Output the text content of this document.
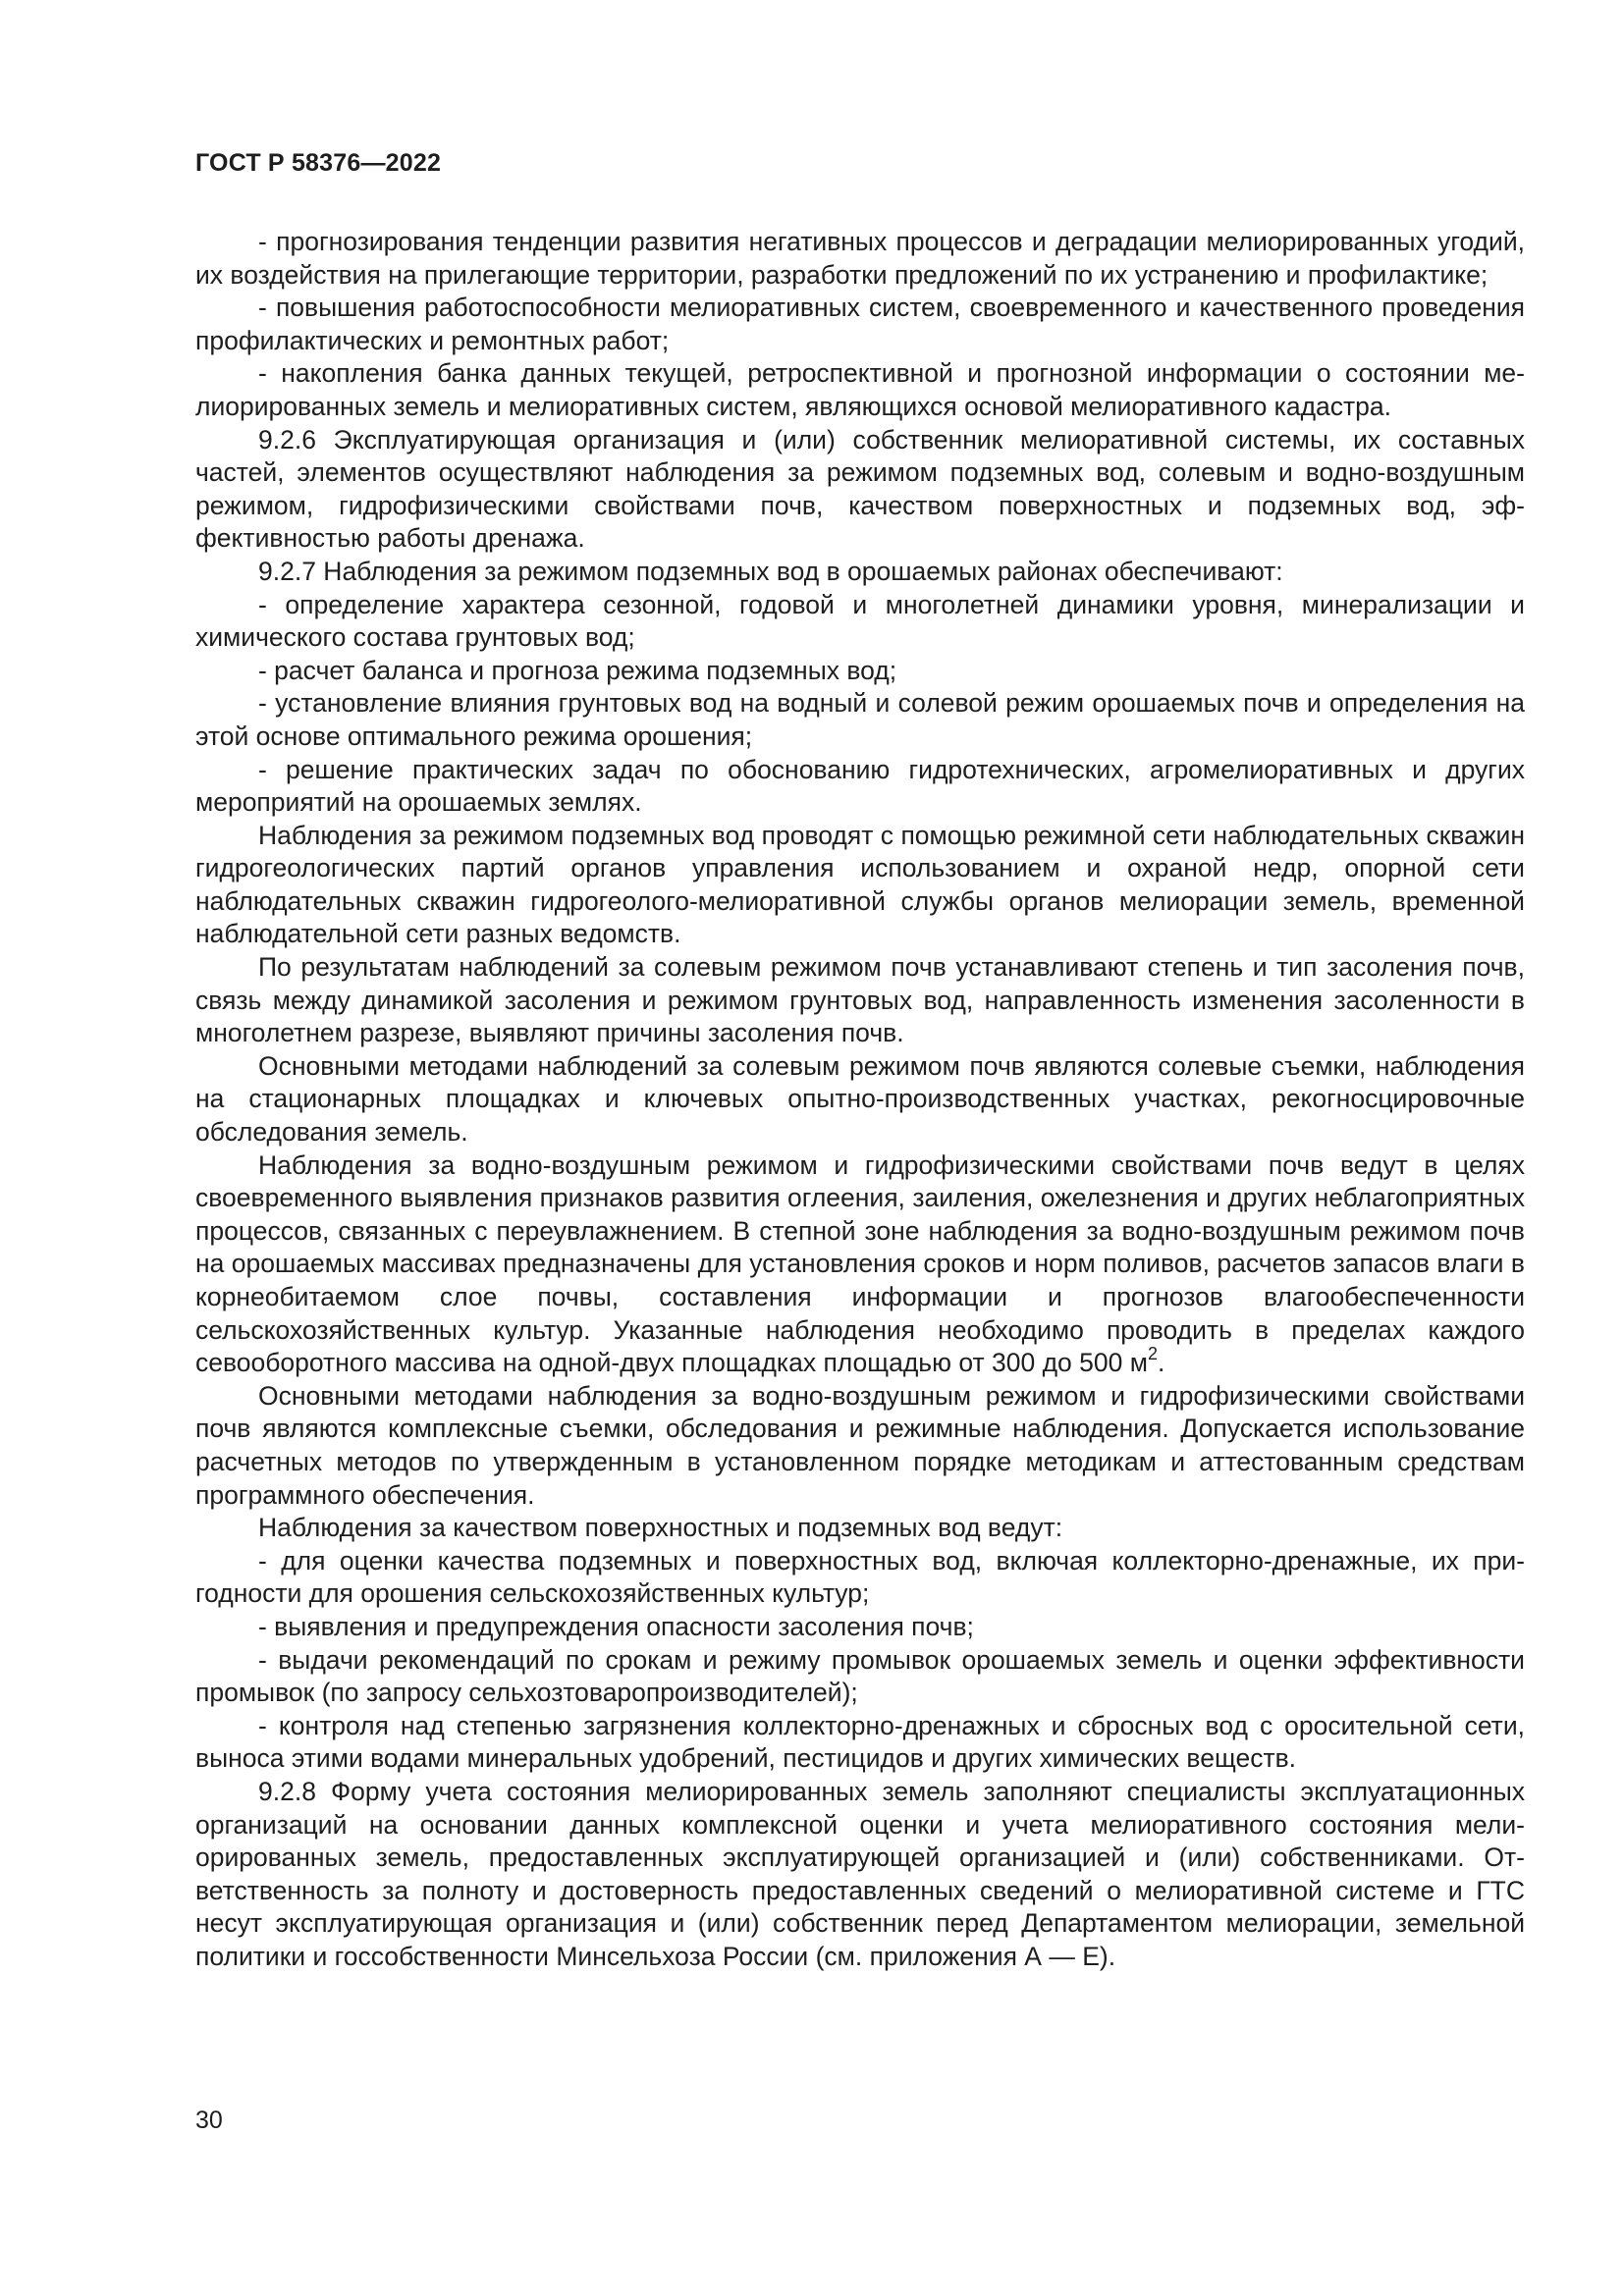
ГОСТ Р 58376—2022

- прогнозирования тенденции развития негативных процессов и деградации мелиорированных угодий, их воздействия на прилегающие территории, разработки предложений по их устранению и профилактике;

- повышения работоспособности мелиоративных систем, своевременного и качественного проведения профилактических и ремонтных работ;

- накопления банка данных текущей, ретроспективной и прогнозной информации о состоянии мелиорированных земель и мелиоративных систем, являющихся основой мелиоративного кадастра.

9.2.6 Эксплуатирующая организация и (или) собственник мелиоративной системы, их составных частей, элементов осуществляют наблюдения за режимом подземных вод, солевым и водно-воздушным режимом, гидрофизическими свойствами почв, качеством поверхностных и подземных вод, эффективностью работы дренажа.

9.2.7 Наблюдения за режимом подземных вод в орошаемых районах обеспечивают:

- определение характера сезонной, годовой и многолетней динамики уровня, минерализации и химического состава грунтовых вод;

- расчет баланса и прогноза режима подземных вод;

- установление влияния грунтовых вод на водный и солевой режим орошаемых почв и определения на этой основе оптимального режима орошения;

- решение практических задач по обоснованию гидротехнических, агромелиоративных и других мероприятий на орошаемых землях.

Наблюдения за режимом подземных вод проводят с помощью режимной сети наблюдательных скважин гидрогеологических партий органов управления использованием и охраной недр, опорной сети наблюдательных скважин гидрогеолого-мелиоративной службы органов мелиорации земель, временной наблюдательной сети разных ведомств.

По результатам наблюдений за солевым режимом почв устанавливают степень и тип засоления почв, связь между динамикой засоления и режимом грунтовых вод, направленность изменения засоленности в многолетнем разрезе, выявляют причины засоления почв.

Основными методами наблюдений за солевым режимом почв являются солевые съемки, наблюдения на стационарных площадках и ключевых опытно-производственных участках, рекогносцировочные обследования земель.

Наблюдения за водно-воздушным режимом и гидрофизическими свойствами почв ведут в целях своевременного выявления признаков развития оглеения, заиления, ожелезнения и других неблагоприятных процессов, связанных с переувлажнением. В степной зоне наблюдения за водно-воздушным режимом почв на орошаемых массивах предназначены для установления сроков и норм поливов, расчетов запасов влаги в корнеобитаемом слое почвы, составления информации и прогнозов влагообеспеченности сельскохозяйственных культур. Указанные наблюдения необходимо проводить в пределах каждого севооборотного массива на одной-двух площадках площадью от 300 до 500 $м^2$.

Основными методами наблюдения за водно-воздушным режимом и гидрофизическими свойствами почв являются комплексные съемки, обследования и режимные наблюдения. Допускается использование расчетных методов по утвержденным в установленном порядке методикам и аттестованным средствам программного обеспечения.

Наблюдения за качеством поверхностных и подземных вод ведут:

- для оценки качества подземных и поверхностных вод, включая коллекторно-дренажные, их пригодности для орошения сельскохозяйственных культур;

- выявления и предупреждения опасности засоления почв;

- выдачи рекомендаций по срокам и режиму промывок орошаемых земель и оценки эффективности промывок (по запросу сельхозтоваропроизводителей);

- контроля над степенью загрязнения коллекторно-дренажных и сбросных вод с оросительной сети, выноса этими водами минеральных удобрений, пестицидов и других химических веществ.

9.2.8 Форму учета состояния мелиорированных земель заполняют специалисты эксплуатационных организаций на основании данных комплексной оценки и учета мелиоративного состояния мелиорированных земель, предоставленных эксплуатирующей организацией и (или) собственниками. Ответственность за полноту и достоверность предоставленных сведений о мелиоративной системе и ГТС несут эксплуатирующая организация и (или) собственник перед Департаментом мелиорации, земельной политики и госсобственности Минсельхоза России (см. приложения А — Е).

30
